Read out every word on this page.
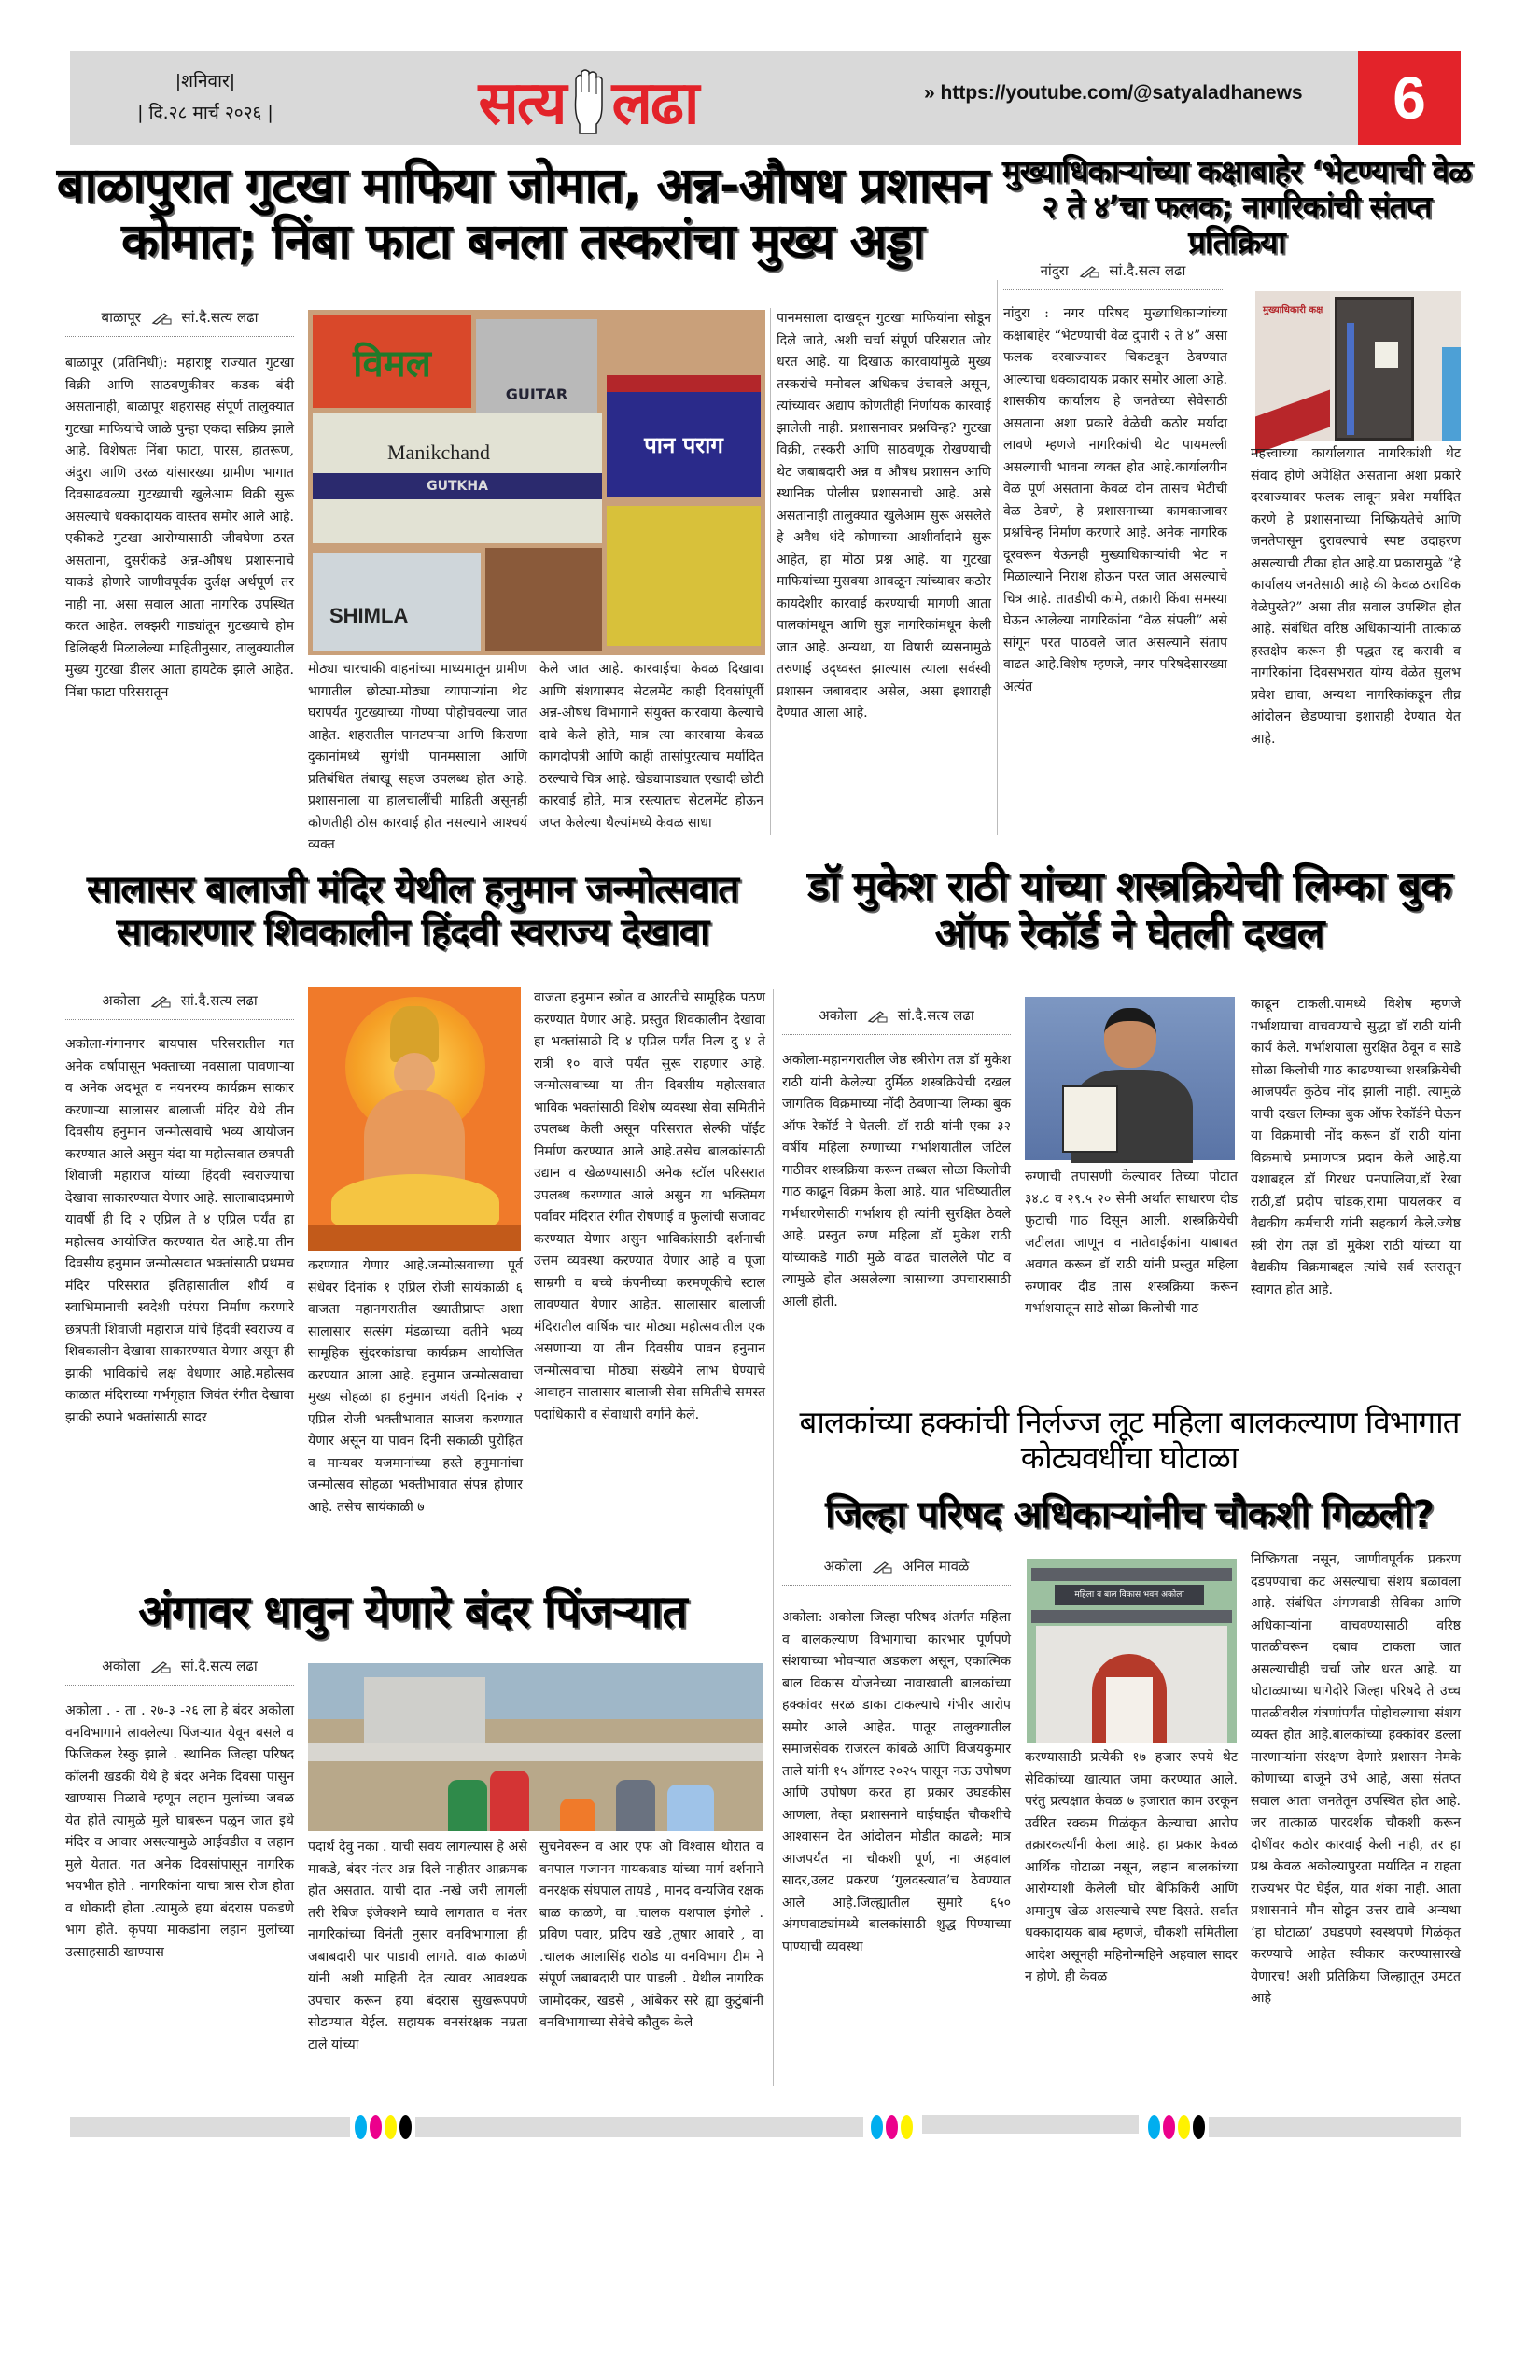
|शनिवार|
| दि.२८ मार्च २०२६ |	सत्य लढा	» https://youtube.com/@satyaladhanews	6
बाळापुरात गुटखा माफिया जोमात, अन्न-औषध प्रशासन कोमात; निंबा फाटा बनला तस्करांचा मुख्य अड्डा
बाळापूर	सां.दै.सत्य लढा
बाळापूर (प्रतिनिधी): महाराष्ट्र राज्यात गुटखा विक्री आणि साठवणुकीवर कडक बंदी असतानाही, बाळापूर शहरासह संपूर्ण तालुक्यात गुटखा माफियांचे जाळे पुन्हा एकदा सक्रिय झाले आहे. विशेषतः निंबा फाटा, पारस, हातरूण, अंदुरा आणि उरळ यांसारख्या ग्रामीण भागात दिवसाढवळ्या गुटख्याची खुलेआम विक्री सुरू असल्याचे धक्कादायक वास्तव समोर आले आहे. एकीकडे गुटखा आरोग्यासाठी जीवघेणा ठरत असताना, दुसरीकडे अन्न-औषध प्रशासनाचे याकडे होणारे जाणीवपूर्वक दुर्लक्ष अर्थपूर्ण तर नाही ना, असा सवाल आता नागरिक उपस्थित करत आहेत. लक्झरी गाड्यांतून गुटख्याचे होम डिलिव्हरी मिळालेल्या माहितीनुसार, तालुक्यातील मुख्य गुटखा डीलर आता हायटेक झाले आहेत. निंबा फाटा परिसरातून
विमल
GUITAR
पान पराग
Manikchand
GUTKHA
SHIMLA
मोठ्या चारचाकी वाहनांच्या माध्यमातून ग्रामीण भागातील छोट्या-मोठ्या व्यापाऱ्यांना थेट घरापर्यंत गुटख्याच्या गोण्या पोहोचवल्या जात आहेत. शहरातील पानटपऱ्या आणि किराणा दुकानांमध्ये सुगंधी पानमसाला आणि प्रतिबंधित तंबाखू सहज उपलब्ध होत आहे. प्रशासनाला या हालचालींची माहिती असूनही कोणतीही ठोस कारवाई होत नसल्याने आश्चर्य व्यक्त
केले जात आहे. कारवाईचा केवळ दिखावा आणि संशयास्पद सेटलमेंट काही दिवसांपूर्वी अन्न-औषध विभागाने संयुक्त कारवाया केल्याचे दावे केले होते, मात्र त्या कारवाया केवळ कागदोपत्री आणि काही तासांपुरत्याच मर्यादित ठरल्याचे चित्र आहे. खेड्यापाड्यात एखादी छोटी कारवाई होते, मात्र रस्त्यातच सेटलमेंट होऊन जप्त केलेल्या थैल्यांमध्ये केवळ साधा
पानमसाला दाखवून गुटखा माफियांना सोडून दिले जाते, अशी चर्चा संपूर्ण परिसरात जोर धरत आहे. या दिखाऊ कारवायांमुळे मुख्य तस्करांचे मनोबल अधिकच उंचावले असून, त्यांच्यावर अद्याप कोणतीही निर्णायक कारवाई झालेली नाही. प्रशासनावर प्रश्नचिन्ह? गुटखा विक्री, तस्करी आणि साठवणूक रोखण्याची थेट जबाबदारी अन्न व औषध प्रशासन आणि स्थानिक पोलीस प्रशासनाची आहे. असे असतानाही तालुक्यात खुलेआम सुरू असलेले हे अवैध धंदे कोणाच्या आशीर्वादाने सुरू आहेत, हा मोठा प्रश्न आहे. या गुटखा माफियांच्या मुसक्या आवळून त्यांच्यावर कठोर कायदेशीर कारवाई करण्याची मागणी आता पालकांमधून आणि सुज्ञ नागरिकांमधून केली जात आहे. अन्यथा, या विषारी व्यसनामुळे तरुणाई उद्ध्वस्त झाल्यास त्याला सर्वस्वी प्रशासन जबाबदार असेल, असा इशाराही देण्यात आला आहे.
मुख्याधिकाऱ्यांच्या कक्षाबाहेर ‘भेटण्याची वेळ २ ते ४’चा फलक; नागरिकांची संतप्त प्रतिक्रिया
नांदुरा	सां.दै.सत्य लढा
नांदुरा : नगर परिषद मुख्याधिकाऱ्यांच्या कक्षाबाहेर “भेटण्याची वेळ दुपारी २ ते ४” असा फलक दरवाज्यावर चिकटवून ठेवण्यात आल्याचा धक्कादायक प्रकार समोर आला आहे. शासकीय कार्यालय हे जनतेच्या सेवेसाठी असताना अशा प्रकारे वेळेची कठोर मर्यादा लावणे म्हणजे नागरिकांची थेट पायमल्ली असल्याची भावना व्यक्त होत आहे.कार्यालयीन वेळ पूर्ण असताना केवळ दोन तासच भेटीची वेळ ठेवणे, हे प्रशासनाच्या कामकाजावर प्रश्नचिन्ह निर्माण करणारे आहे. अनेक नागरिक दूरवरून येऊनही मुख्याधिकाऱ्यांची भेट न मिळाल्याने निराश होऊन परत जात असल्याचे चित्र आहे. तातडीची कामे, तक्रारी किंवा समस्या घेऊन आलेल्या नागरिकांना “वेळ संपली” असे सांगून परत पाठवले जात असल्याने संताप वाढत आहे.विशेष म्हणजे, नगर परिषदेसारख्या अत्यंत
मुख्याधिकारी कक्ष
महत्त्वाच्या कार्यालयात नागरिकांशी थेट संवाद होणे अपेक्षित असताना अशा प्रकारे दरवाज्यावर फलक लावून प्रवेश मर्यादित करणे हे प्रशासनाच्या निष्क्रियतेचे आणि जनतेपासून दुरावल्याचे स्पष्ट उदाहरण असल्याची टीका होत आहे.या प्रकारामुळे “हे कार्यालय जनतेसाठी आहे की केवळ ठराविक वेळेपुरते?” असा तीव्र सवाल उपस्थित होत आहे. संबंधित वरिष्ठ अधिकाऱ्यांनी तात्काळ हस्तक्षेप करून ही पद्धत रद्द करावी व नागरिकांना दिवसभरात योग्य वेळेत सुलभ प्रवेश द्यावा, अन्यथा नागरिकांकडून तीव्र आंदोलन छेडण्याचा इशाराही देण्यात येत आहे.
सालासर बालाजी मंदिर येथील हनुमान जन्मोत्सवात साकारणार शिवकालीन हिंदवी स्वराज्य देखावा
अकोला	सां.दै.सत्य लढा
अकोला-गंगानगर बायपास परिसरातील गत अनेक वर्षापासून भक्ताच्या नवसाला पावणाऱ्या व अनेक अदभूत व नयनरम्य कार्यक्रम साकार करणाऱ्या सालासर बालाजी मंदिर येथे तीन दिवसीय हनुमान जन्मोत्सवाचे भव्य आयोजन करण्यात आले असुन यंदा या महोत्सवात छत्रपती शिवाजी महाराज यांच्या हिंदवी स्वराज्याचा देखावा साकारण्यात येणार आहे. सालाबादप्रमाणे यावर्षी ही दि २ एप्रिल ते ४ एप्रिल पर्यंत हा महोत्सव आयोजित करण्यात येत आहे.या तीन दिवसीय हनुमान जन्मोत्सवात भक्तांसाठी प्रथमच मंदिर परिसरात इतिहासातील शौर्य व स्वाभिमानाची स्वदेशी परंपरा निर्माण करणारे छत्रपती शिवाजी महाराज यांचे हिंदवी स्वराज्य व शिवकालीन देखावा साकारण्यात येणार असून ही झाकी भाविकांचे लक्ष वेधणार आहे.महोत्सव काळात मंदिराच्या गर्भगृहात जिवंत रंगीत देखावा झाकी रुपाने भक्तांसाठी सादर
करण्यात येणार आहे.जन्मोत्सवाच्या पूर्व संधेवर दिनांक १ एप्रिल रोजी सायंकाळी ६ वाजता महानगरातील ख्यातीप्राप्त अशा सालासार सत्संग मंडळाच्या वतीने भव्य सामूहिक सुंदरकांडाचा कार्यक्रम आयोजित करण्यात आला आहे. हनुमान जन्मोत्सवाचा मुख्य सोहळा हा हनुमान जयंती दिनांक २ एप्रिल रोजी भक्तीभावात साजरा करण्यात येणार असून या पावन दिनी सकाळी पुरोहित व मान्यवर यजमानांच्या हस्ते हनुमानांचा जन्मोत्सव सोहळा भक्तीभावात संपन्न होणार आहे. तसेच सायंकाळी ७
वाजता हनुमान स्त्रोत व आरतीचे सामूहिक पठण करण्यात येणार आहे. प्रस्तुत शिवकालीन देखावा हा भक्तांसाठी दि ४ एप्रिल पर्यंत नित्य दु ४ ते रात्री १० वाजे पर्यंत सुरू राहणार आहे. जन्मोत्सवाच्या या तीन दिवसीय महोत्सवात भाविक भक्तांसाठी विशेष व्यवस्था सेवा समितीने उपलब्ध केली असून परिसरात सेल्फी पॉईंट निर्माण करण्यात आले आहे.तसेच बालकांसाठी उद्यान व खेळण्यासाठी अनेक स्टॉल परिसरात उपलब्ध करण्यात आले असुन या भक्तिमय पर्वावर मंदिरात रंगीत रोषणाई व फुलांची सजावट करण्यात येणार असुन भाविकांसाठी दर्शनाची उत्तम व्यवस्था करण्यात येणार आहे व पूजा साम्रगी व बच्चे कंपनीच्या करमणूकीचे स्टाल लावण्यात येणार आहेत. सालासार बालाजी मंदिरातील वार्षिक चार मोठ्या महोत्सवातील एक असणाऱ्या या तीन दिवसीय पावन हनुमान जन्मोत्सवाचा मोठ्या संख्येने लाभ घेण्याचे आवाहन सालासार बालाजी सेवा समितीचे समस्त पदाधिकारी व सेवाधारी वर्गाने केले.
डॉ मुकेश राठी यांच्या शस्त्रक्रियेची लिम्का बुक ऑफ रेकॉर्ड ने घेतली दखल
अकोला	सां.दै.सत्य लढा
अकोला-महानगरातील जेष्ठ स्त्रीरोग तज्ञ डॉ मुकेश राठी यांनी केलेल्या दुर्मिळ शस्त्रक्रियेची दखल जागतिक विक्रमाच्या नोंदी ठेवणाऱ्या लिम्का बुक ऑफ रेकॉर्ड ने घेतली. डॉ राठी यांनी एका ३२ वर्षीय महिला रुग्णाच्या गर्भाशयातील जटिल गाठीवर शस्त्रक्रिया करून तब्बल सोळा किलोची गाठ काढून विक्रम केला आहे. यात भविष्यातील गर्भधारणेसाठी गर्भाशय ही त्यांनी सुरक्षित ठेवले आहे. प्रस्तुत रुग्ण महिला डॉ मुकेश राठी यांच्याकडे गाठी मुळे वाढत चाललेले पोट व त्यामुळे होत असलेल्या त्रासाच्या उपचारासाठी आली होती.
रुग्णाची तपासणी केल्यावर तिच्या पोटात ३४.८ व २९.५ २० सेमी अर्थात साधारण दीड फुटाची गाठ दिसून आली. शस्त्रक्रियेची जटीलता जाणून व नातेवाईकांना याबाबत अवगत करून डॉ राठी यांनी प्रस्तुत महिला रुग्णावर दीड तास शस्त्रक्रिया करून गर्भाशयातून साडे सोळा किलोची गाठ
काढून टाकली.यामध्ये विशेष म्हणजे गर्भाशयाचा वाचवण्याचे सुद्धा डॉ राठी यांनी कार्य केले. गर्भाशयाला सुरक्षित ठेवून व साडे सोळा किलोची गाठ काढण्याच्या शस्त्रक्रियेची आजपर्यंत कुठेच नोंद झाली नाही. त्यामुळे याची दखल लिम्का बुक ऑफ रेकॉर्डने घेऊन या विक्रमाची नोंद करून डॉ राठी यांना विक्रमाचे प्रमाणपत्र प्रदान केले आहे.या यशाबद्दल डॉ गिरधर पनपालिया,डॉ रेखा राठी,डॉ प्रदीप चांडक,रामा पायलकर व वैद्यकीय कर्मचारी यांनी सहकार्य केले.ज्येष्ठ स्त्री रोग तज्ञ डॉ मुकेश राठी यांच्या या वैद्यकीय विक्रमाबद्दल त्यांचे सर्व स्तरातून स्वागत होत आहे.
बालकांच्या हक्कांची निर्लज्ज लूट महिला बालकल्याण विभागात कोट्यवधींचा घोटाळा
जिल्हा परिषद अधिकाऱ्यांनीच चौकशी गिळली?
अकोला	अनिल मावळे
अकोला: अकोला जिल्हा परिषद अंतर्गत महिला व बालकल्याण विभागाचा कारभार पूर्णपणे संशयाच्या भोवऱ्यात अडकला असून, एकात्मिक बाल विकास योजनेच्या नावाखाली बालकांच्या हक्कांवर सरळ डाका टाकल्याचे गंभीर आरोप समोर आले आहेत. पातूर तालुक्यातील समाजसेवक राजरत्न कांबळे आणि विजयकुमार ताले यांनी १५ ऑगस्ट २०२५ पासून नऊ उपोषण आणि उपोषण करत हा प्रकार उघडकीस आणला, तेव्हा प्रशासनाने घाईघाईत चौकशीचे आश्वासन देत आंदोलन मोडीत काढले; मात्र आजपर्यंत ना चौकशी पूर्ण, ना अहवाल सादर,उलट प्रकरण ‘गुलदस्त्यात’च ठेवण्यात आले आहे.जिल्ह्यातील सुमारे ६५० अंगणवाड्यांमध्ये बालकांसाठी शुद्ध पिण्याच्या पाण्याची व्यवस्था
महिला व बाल विकास भवन अकोला
करण्यासाठी प्रत्येकी १७ हजार रुपये थेट सेविकांच्या खात्यात जमा करण्यात आले. परंतु प्रत्यक्षात केवळ ७ हजारात काम उरकून उर्वरित रक्कम गिळंकृत केल्याचा आरोप तक्रारकर्त्यांनी केला आहे. हा प्रकार केवळ आर्थिक घोटाळा नसून, लहान बालकांच्या आरोग्याशी केलेली घोर बेफिकिरी आणि अमानुष खेळ असल्याचे स्पष्ट दिसते. सर्वात धक्कादायक बाब म्हणजे, चौकशी समितीला आदेश असूनही महिनोन्महिने अहवाल सादर न होणे. ही केवळ
निष्क्रियता नसून, जाणीवपूर्वक प्रकरण दडपण्याचा कट असल्याचा संशय बळावला आहे. संबंधित अंगणवाडी सेविका आणि अधिकाऱ्यांना वाचवण्यासाठी वरिष्ठ पातळीवरून दबाव टाकला जात असल्याचीही चर्चा जोर धरत आहे. या घोटाळ्याच्या धागेदोरे जिल्हा परिषदे ते उच्च पातळीवरील यंत्रणांपर्यंत पोहोचल्याचा संशय व्यक्त होत आहे.बालकांच्या हक्कांवर डल्ला मारणाऱ्यांना संरक्षण देणारे प्रशासन नेमके कोणाच्या बाजूने उभे आहे, असा संतप्त सवाल आता जनतेतून उपस्थित होत आहे. जर तात्काळ पारदर्शक चौकशी करून दोषींवर कठोर कारवाई केली नाही, तर हा प्रश्न केवळ अकोल्यापुरता मर्यादित न राहता राज्यभर पेट घेईल, यात शंका नाही. आता प्रशासनाने मौन सोडून उत्तर द्यावे- अन्यथा ‘हा घोटाळा’ उघडपणे स्वस्थपणे गिळंकृत करण्याचे आहेत स्वीकार करण्यासारखे येणारच! अशी प्रतिक्रिया जिल्ह्यातून उमटत आहे
अंगावर धावुन येणारे बंदर पिंजऱ्यात
अकोला	सां.दै.सत्य लढा
अकोला . - ता . २७-३ -२६ ला हे बंदर अकोला वनविभागाने लावलेल्या पिंजऱ्यात येवून बसले व फिजिकल रेस्कु झाले . स्थानिक जिल्हा परिषद कॉलनी खडकी येथे हे बंदर अनेक दिवसा पासुन खाण्यास मिळावे म्हणून लहान मुलांच्या जवळ येत होते त्यामुळे मुले घाबरून पळुन जात इथे मंदिर व आवार असल्यामुळे आईवडील व लहान मुले येतात. गत अनेक दिवसांपासून नागरिक भयभीत होते . नागरिकांना याचा त्रास रोज होता व धोकादी होता .त्यामुळे हया बंदरास पकडणे भाग होते. कृपया माकडांना लहान मुलांच्या उत्साहसाठी खाण्यास
पदार्थ देवु नका . याची सवय लागल्यास हे असे माकडे, बंदर नंतर अन्न दिले नाहीतर आक्रमक होत असतात. याची दात -नखे जरी लागली तरी रेबिज इंजेक्शने घ्यावे लागतात व नंतर नागरिकांच्या विनंती नुसार वनविभागाला ही जबाबदारी पार पाडावी लागते. वाळ काळणे यांनी अशी माहिती देत त्यावर आवश्यक उपचार करून हया बंदरास सुखरूपपणे सोडण्यात येईल. सहायक वनसंरक्षक नम्रता टाले यांच्या
सुचनेवरून व आर एफ ओ विश्वास थोरात व वनपाल गजानन गायकवाड यांच्या मार्ग दर्शनाने वनरक्षक संघपाल तायडे , मानद वन्यजिव रक्षक बाळ काळणे, वा .चालक यशपाल इंगोले . प्रविण पवार, प्रदिप खडे ,तुषार आवारे , वा .चालक आलासिंह राठोड या वनविभाग टीम ने संपूर्ण जबाबदारी पार पाडली . येथील नागरिक जामोदकर, खडसे , आंबेकर सरे ह्या कुटुंबांनी वनविभागाच्या सेवेचे कौतुक केले
